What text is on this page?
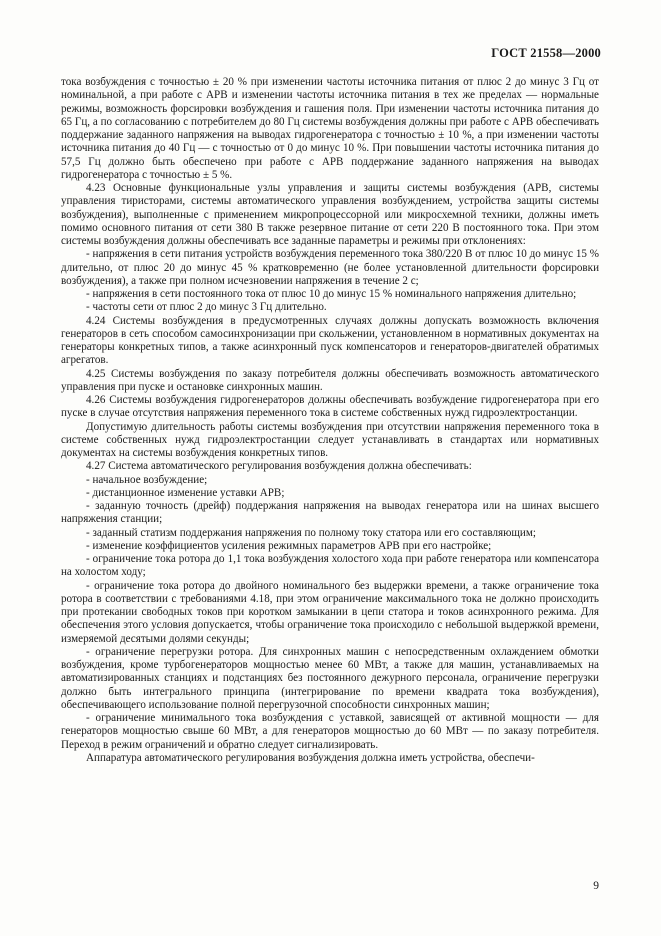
ГОСТ 21558—2000

тока возбуждения с точностью ± 20 % при изменении частоты источника питания от плюс 2 до минус 3 Гц от номинальной, а при работе с АРВ и изменении частоты источника питания в тех же пределах — нормальные режимы, возможность форсировки возбуждения и гашения поля. При изменении частоты источника питания до 65 Гц, а по согласованию с потребителем до 80 Гц системы возбуждения должны при работе с АРВ обеспечивать поддержание заданного напряжения на выводах гидрогенератора с точностью ± 10 %, а при изменении частоты источника питания до 40 Гц — с точностью от 0 до минус 10 %. При повышении частоты источника питания до 57,5 Гц должно быть обеспечено при работе с АРВ поддержание заданного напряжения на выводах гидрогенератора с точностью ± 5 %.

4.23 Основные функциональные узлы управления и защиты системы возбуждения (АРВ, системы управления тиристорами, системы автоматического управления возбуждением, устройства защиты системы возбуждения), выполненные с применением микропроцессорной или микросхемной техники, должны иметь помимо основного питания от сети 380 В также резервное питание от сети 220 В постоянного тока. При этом системы возбуждения должны обеспечивать все заданные параметры и режимы при отклонениях:

- напряжения в сети питания устройств возбуждения переменного тока 380/220 В от плюс 10 до минус 15 % длительно, от плюс 20 до минус 45 % кратковременно (не более установленной длительности форсировки возбуждения), а также при полном исчезновении напряжения в течение 2 с;

- напряжения в сети постоянного тока от плюс 10 до минус 15 % номинального напряжения длительно;

- частоты сети от плюс 2 до минус 3 Гц длительно.

4.24 Системы возбуждения в предусмотренных случаях должны допускать возможность включения генераторов в сеть способом самосинхронизации при скольжении, установленном в нормативных документах на генераторы конкретных типов, а также асинхронный пуск компенсаторов и генераторов-двигателей обратимых агрегатов.

4.25 Системы возбуждения по заказу потребителя должны обеспечивать возможность автоматического управления при пуске и остановке синхронных машин.

4.26 Системы возбуждения гидрогенераторов должны обеспечивать возбуждение гидрогенератора при его пуске в случае отсутствия напряжения переменного тока в системе собственных нужд гидроэлектростанции.

Допустимую длительность работы системы возбуждения при отсутствии напряжения переменного тока в системе собственных нужд гидроэлектростанции следует устанавливать в стандартах или нормативных документах на системы возбуждения конкретных типов.

4.27 Система автоматического регулирования возбуждения должна обеспечивать:

- начальное возбуждение;

- дистанционное изменение уставки АРВ;

- заданную точность (дрейф) поддержания напряжения на выводах генератора или на шинах высшего напряжения станции;

- заданный статизм поддержания напряжения по полному току статора или его составляющим;

- изменение коэффициентов усиления режимных параметров АРВ при его настройке;

- ограничение тока ротора до 1,1 тока возбуждения холостого хода при работе генератора или компенсатора на холостом ходу;

- ограничение тока ротора до двойного номинального без выдержки времени, а также ограничение тока ротора в соответствии с требованиями 4.18, при этом ограничение максимального тока не должно происходить при протекании свободных токов при коротком замыкании в цепи статора и токов асинхронного режима. Для обеспечения этого условия допускается, чтобы ограничение тока происходило с небольшой выдержкой времени, измеряемой десятыми долями секунды;

- ограничение перегрузки ротора. Для синхронных машин с непосредственным охлаждением обмотки возбуждения, кроме турбогенераторов мощностью менее 60 МВт, а также для машин, устанавливаемых на автоматизированных станциях и подстанциях без постоянного дежурного персонала, ограничение перегрузки должно быть интегрального принципа (интегрирование по времени квадрата тока возбуждения), обеспечивающего использование полной перегрузочной способности синхронных машин;

- ограничение минимального тока возбуждения с уставкой, зависящей от активной мощности — для генераторов мощностью свыше 60 МВт, а для генераторов мощностью до 60 МВт — по заказу потребителя. Переход в режим ограничений и обратно следует сигнализировать.

Аппаратура автоматического регулирования возбуждения должна иметь устройства, обеспечи-

9
